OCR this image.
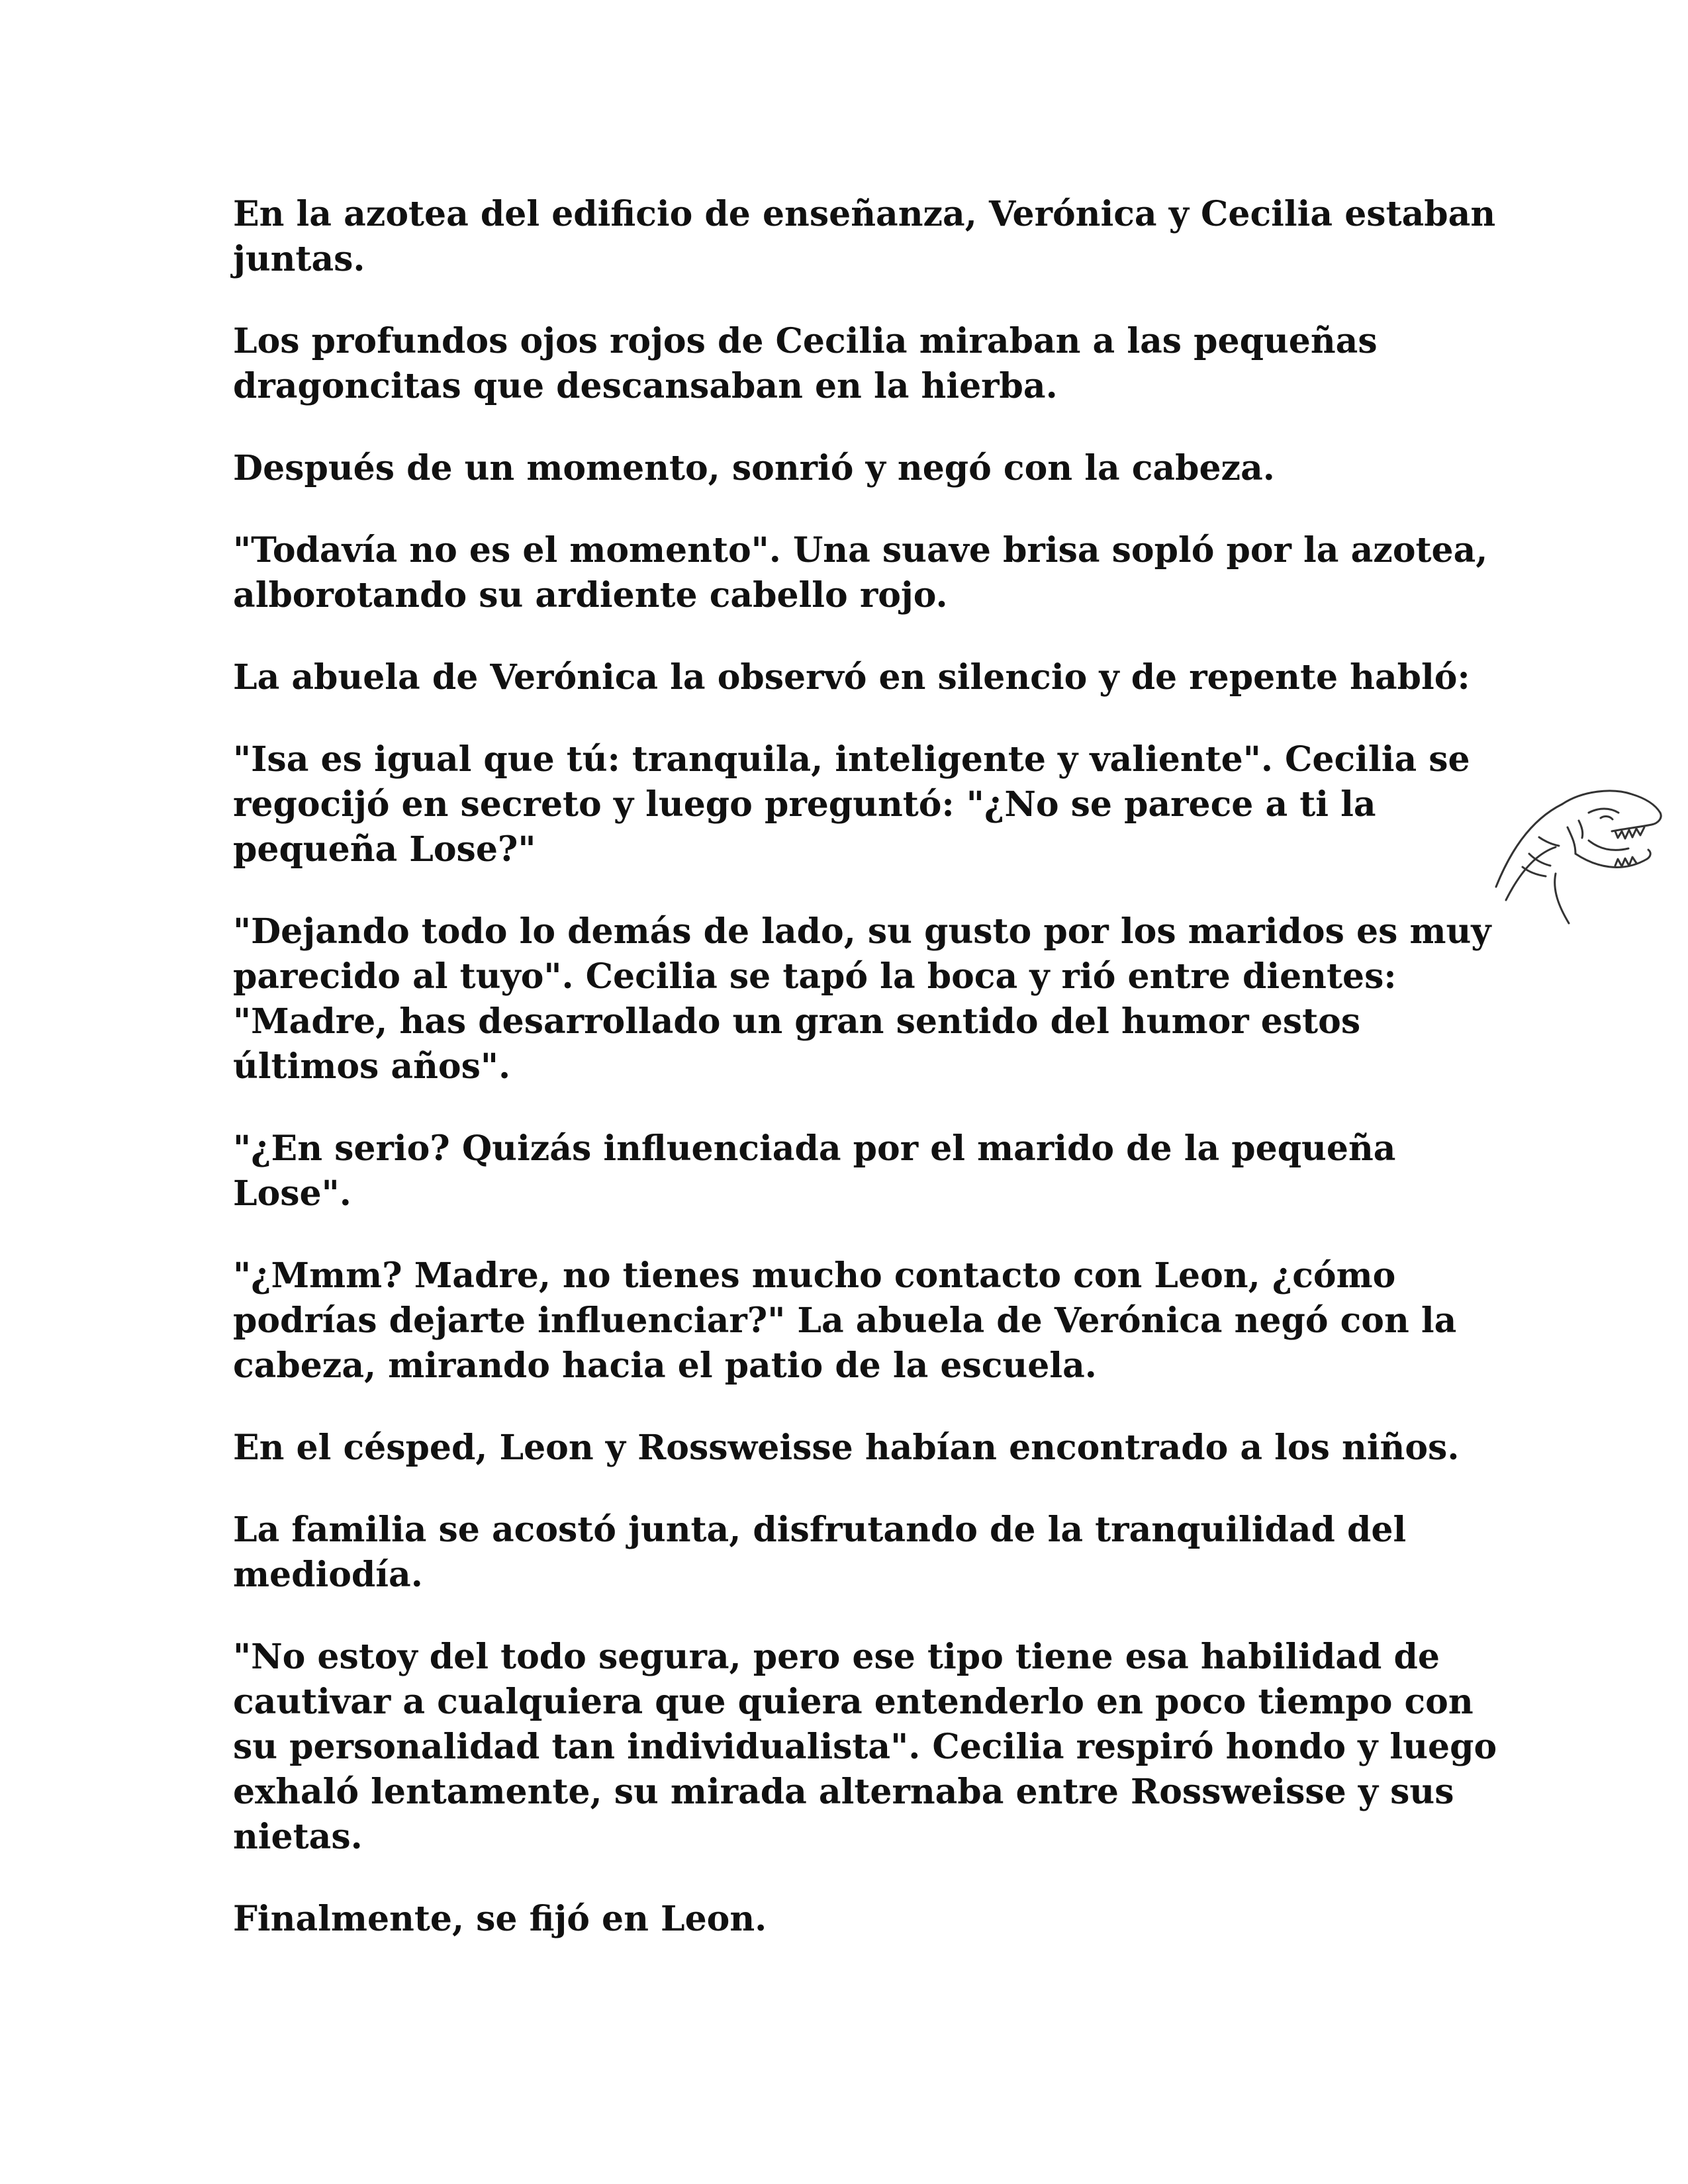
En la azotea del edificio de enseñanza, Verónica y Cecilia estaban juntas.

Los profundos ojos rojos de Cecilia miraban a las pequeñas dragoncitas que descansaban en la hierba.

Después de un momento, sonrió y negó con la cabeza.

"Todavía no es el momento". Una suave brisa sopló por la azotea, alborotando su ardiente cabello rojo.

La abuela de Verónica la observó en silencio y de repente habló:

"Isa es igual que tú: tranquila, inteligente y valiente". Cecilia se regocijó en secreto y luego preguntó: "¿No se parece a ti la pequeña Lose?"

"Dejando todo lo demás de lado, su gusto por los maridos es muy parecido al tuyo". Cecilia se tapó la boca y rió entre dientes: "Madre, has desarrollado un gran sentido del humor estos últimos años".

"¿En serio? Quizás influenciada por el marido de la pequeña Lose".

"¿Mmm? Madre, no tienes mucho contacto con Leon, ¿cómo podrías dejarte influenciar?" La abuela de Verónica negó con la cabeza, mirando hacia el patio de la escuela.

En el césped, Leon y Rossweisse habían encontrado a los niños.

La familia se acostó junta, disfrutando de la tranquilidad del mediodía.

"No estoy del todo segura, pero ese tipo tiene esa habilidad de cautivar a cualquiera que quiera entenderlo en poco tiempo con su personalidad tan individualista". Cecilia respiró hondo y luego exhaló lentamente, su mirada alternaba entre Rossweisse y sus nietas.

Finalmente, se fijó en Leon.
